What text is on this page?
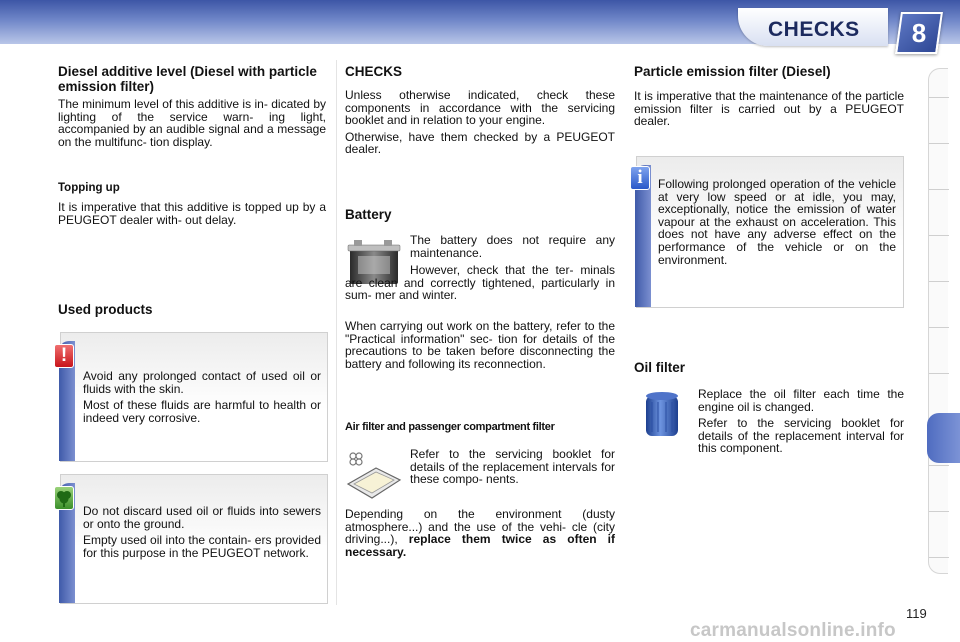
CHECKS	8
Diesel additive level (Diesel with particle emission filter)

The minimum level of this additive is in- dicated by lighting of the service warn- ing light, accompanied by an audible signal and a message on the multifunc- tion display.

Topping up

It is imperative that this additive is topped up by a PEUGEOT dealer with- out delay.

Used products
!

Avoid any prolonged contact of used oil or fluids with the skin.

Most of these fluids are harmful to health or indeed very corrosive.

Do not discard used oil or fluids into sewers or onto the ground.

Empty used oil into the contain- ers provided for this purpose in the PEUGEOT network.

CHECKS

Unless otherwise indicated, check these components in accordance with the servicing booklet and in relation to your engine.

Otherwise, have them checked by a PEUGEOT dealer.

Battery

The battery does not require any maintenance.

However, check that the ter- minals are clean and correctly tightened, particularly in sum- mer and winter.

When carrying out work on the battery, refer to the "Practical information" sec- tion for details of the precautions to be taken before disconnecting the battery and following its reconnection.

Air filter and passenger compartment filter

Refer to the servicing booklet for details of the replacement intervals for these compo- nents.

Depending on the environment (dusty atmosphere...) and the use of the vehi- cle (city driving...), replace them twice as often if necessary.

Particle emission filter (Diesel)

It is imperative that the maintenance of the particle emission filter is carried out by a PEUGEOT dealer.

i	Following prolonged operation of the vehicle at very low speed or at idle, you may, exceptionally, notice the emission of water vapour at the exhaust on acceleration. This does not have any adverse effect on the performance of the vehicle or on the environment.

Oil filter

Replace the oil filter each time the engine oil is changed.

Refer to the servicing booklet for details of the replacement interval for this component.

119
carmanualsonline.info
